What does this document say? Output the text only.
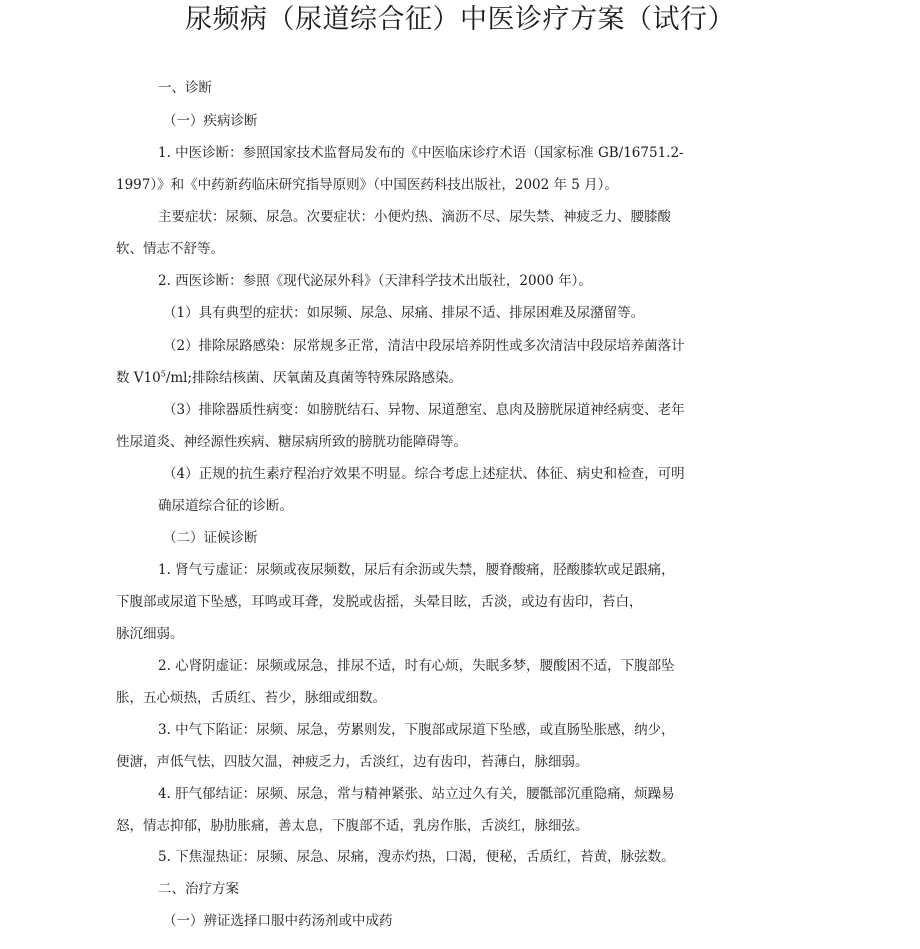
尿频病（尿道综合征）中医诊疗方案（试行）
一、诊断
（一）疾病诊断
1. 中医诊断：参照国家技术监督局发布的《中医临床诊疗术语（国家标准 GB/16751.2-
1997）》和《中药新药临床研究指导原则》（中国医药科技出版社，2002 年 5 月）。
主要症状：尿频、尿急。次要症状：小便灼热、滴沥不尽、尿失禁、神疲乏力、腰膝酸
软、情志不舒等。
2. 西医诊断：参照《现代泌尿外科》（天津科学技术出版社，2000 年）。
（1）具有典型的症状：如尿频、尿急、尿痛、排尿不适、排尿困难及尿潴留等。
（2）排除尿路感染：尿常规多正常，清洁中段尿培养阴性或多次清洁中段尿培养菌落计
数 $V10^5/ml$;排除结核菌、厌氧菌及真菌等特殊尿路感染。
（3）排除器质性病变：如膀胱结石、异物、尿道憩室、息肉及膀胱尿道神经病变、老年
性尿道炎、神经源性疾病、糖尿病所致的膀胱功能障碍等。
（4）正规的抗生素疗程治疗效果不明显。综合考虑上述症状、体征、病史和检查，可明
确尿道综合征的诊断。
（二）证候诊断
1. 肾气亏虚证：尿频或夜尿频数，尿后有余沥或失禁，腰脊酸痛，胫酸膝软或足跟痛，
下腹部或尿道下坠感，耳鸣或耳聋，发脱或齿摇，头晕目眩，舌淡，或边有齿印，苔白，
脉沉细弱。
2. 心肾阴虚证：尿频或尿急，排尿不适，时有心烦，失眠多梦，腰酸困不适，下腹部坠
胀，五心烦热，舌质红、苔少，脉细或细数。
3. 中气下陷证：尿频、尿急，劳累则发，下腹部或尿道下坠感，或直肠坠胀感，纳少，
便溏，声低气怯，四肢欠温，神疲乏力，舌淡红，边有齿印，苔薄白，脉细弱。
4. 肝气郁结证：尿频、尿急，常与精神紧张、站立过久有关，腰骶部沉重隐痛，烦躁易
怒，情志抑郁，胁肋胀痛，善太息，下腹部不适，乳房作胀，舌淡红，脉细弦。
5. 下焦湿热证：尿频、尿急、尿痛，溲赤灼热，口渴，便秘，舌质红，苔黄，脉弦数。
二、治疗方案
（一）辨证选择口服中药汤剂或中成药
